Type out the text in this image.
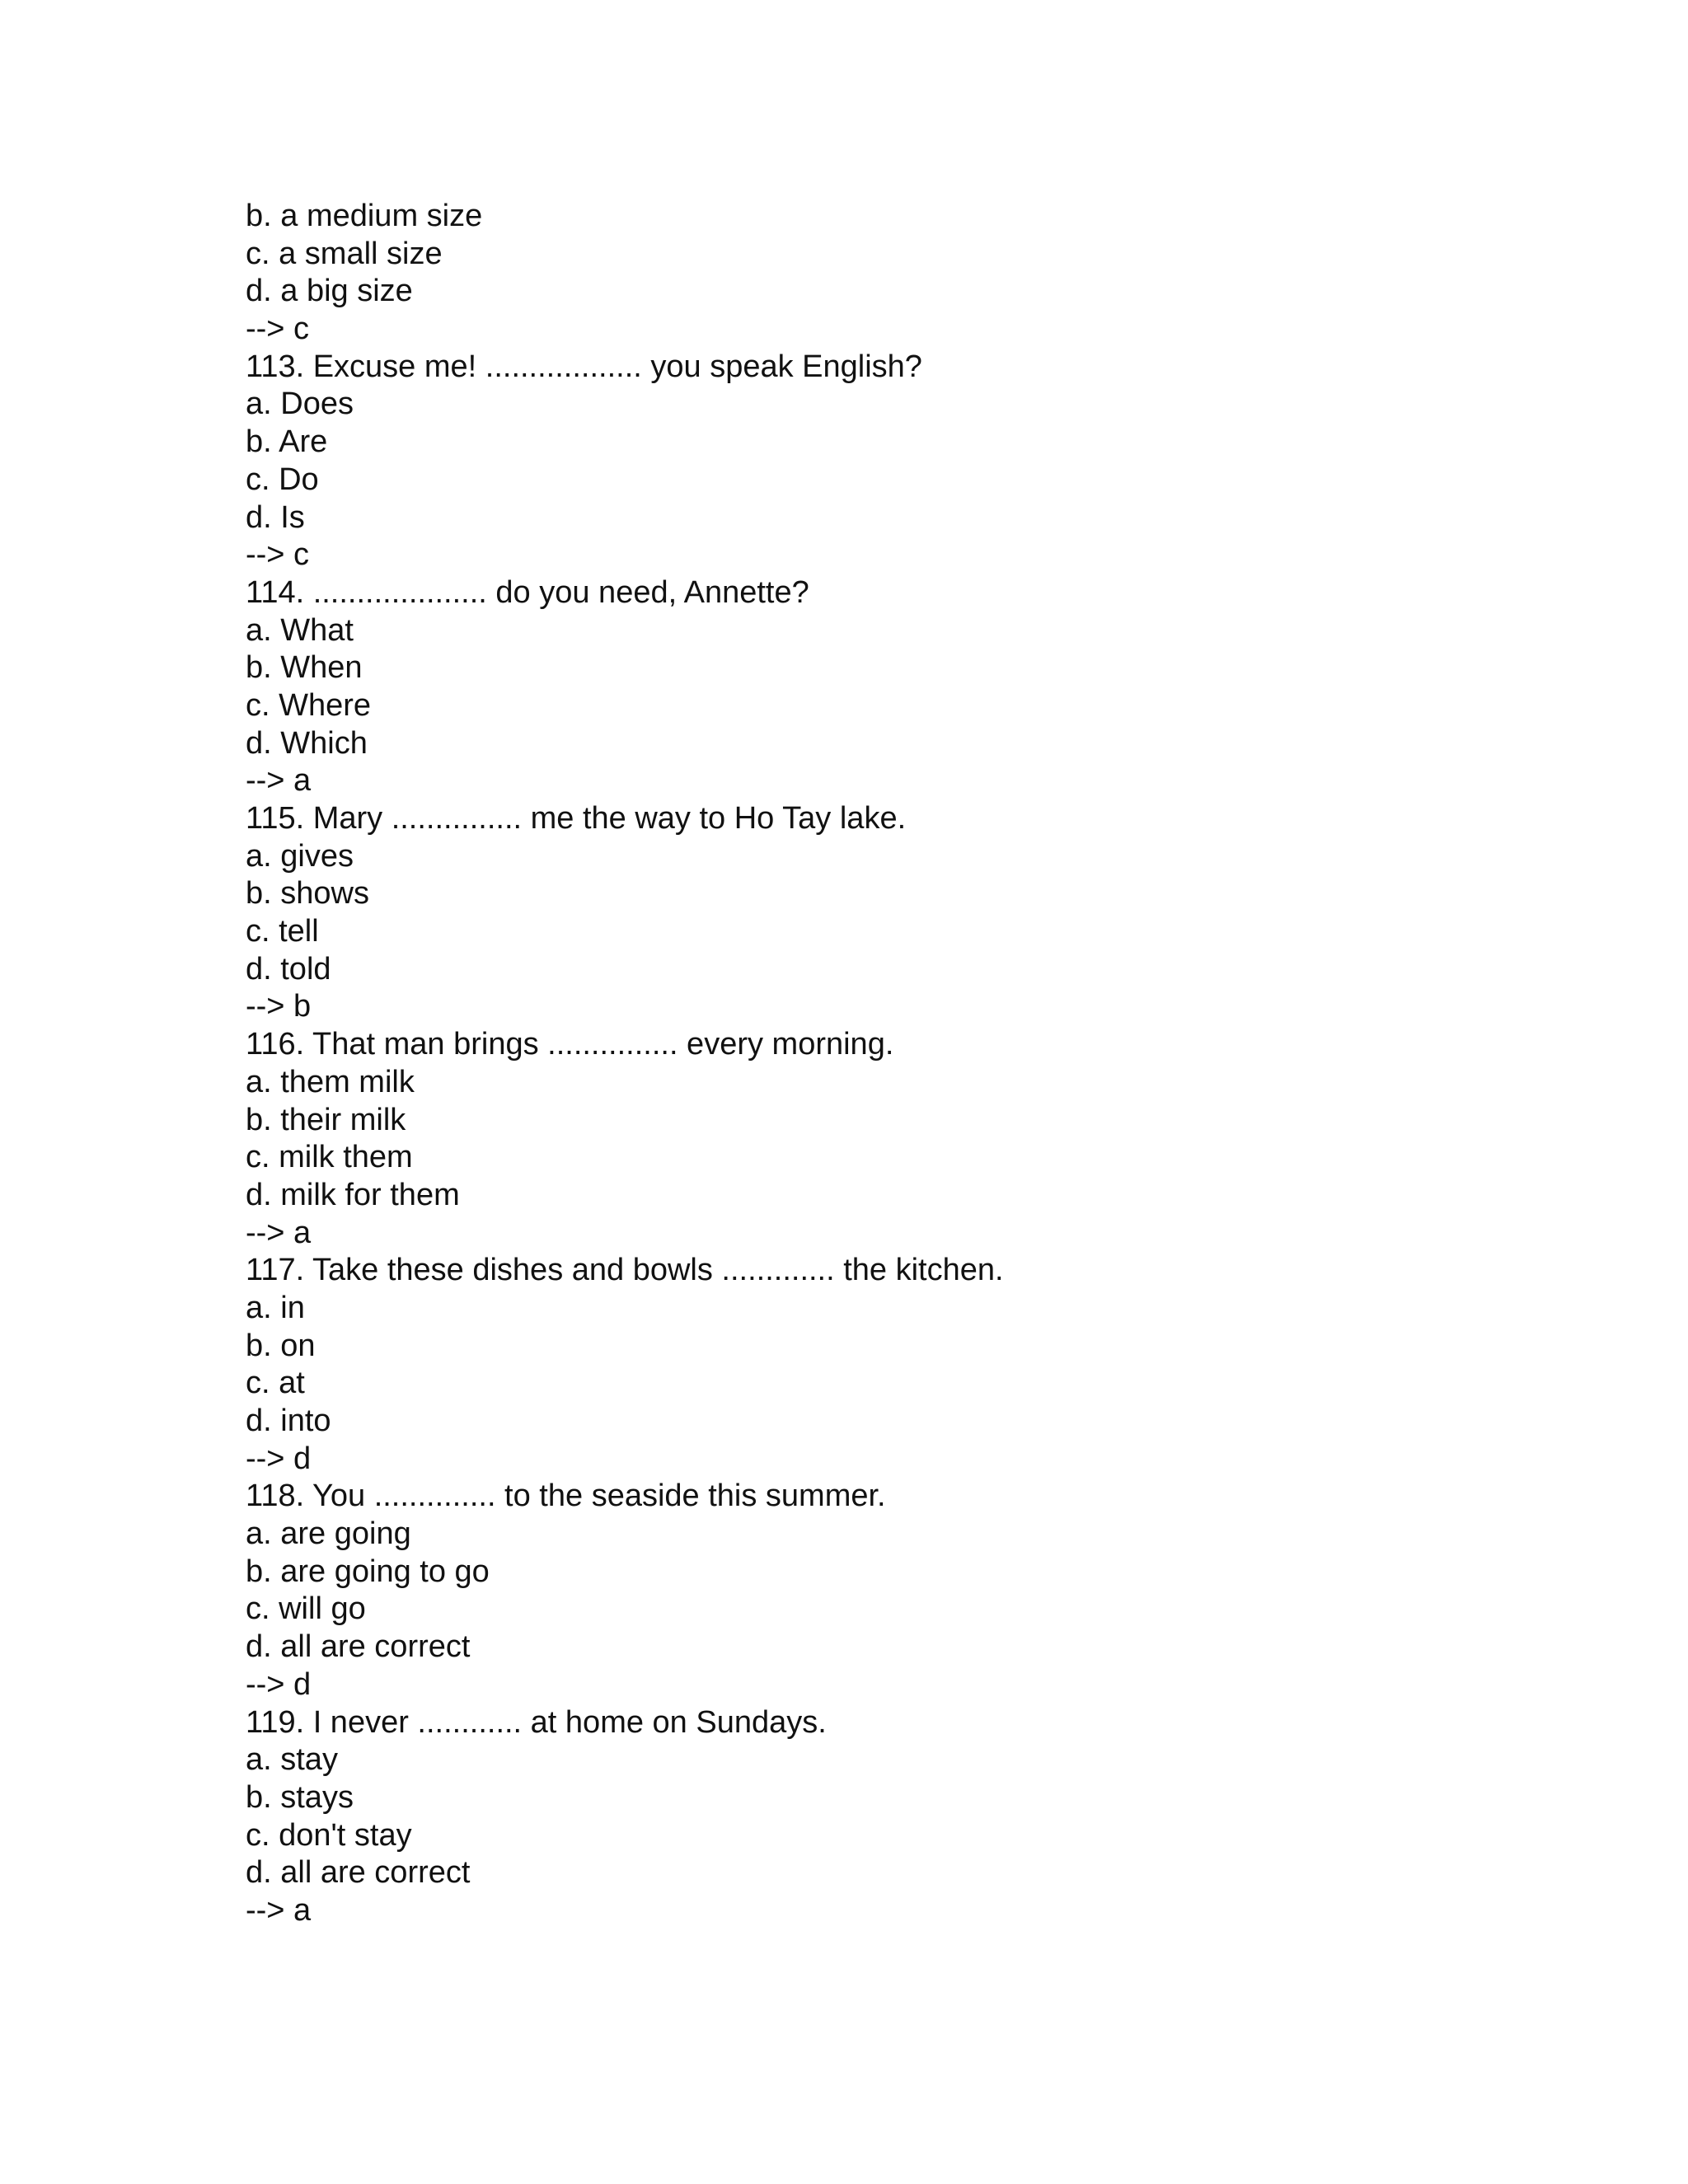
b. a medium size

c. a small size

d. a big size

--> c

113. Excuse me! .................. you speak English?

a. Does

b. Are

c. Do

d. Is

--> c

114. .................... do you need, Annette?

a. What

b. When

c. Where

d. Which

--> a

115. Mary ............... me the way to Ho Tay lake.

a. gives

b. shows

c. tell

d. told

--> b

116. That man brings ............... every morning.

a. them milk

b. their milk

c. milk them

d. milk for them

--> a

117. Take these dishes and bowls ............. the kitchen.

a. in

b. on

c. at

d. into

--> d

118. You .............. to the seaside this summer.

a. are going

b. are going to go

c. will go

d. all are correct

--> d

119. I never ............ at home on Sundays.

a. stay

b. stays

c. don't stay

d. all are correct

--> a
